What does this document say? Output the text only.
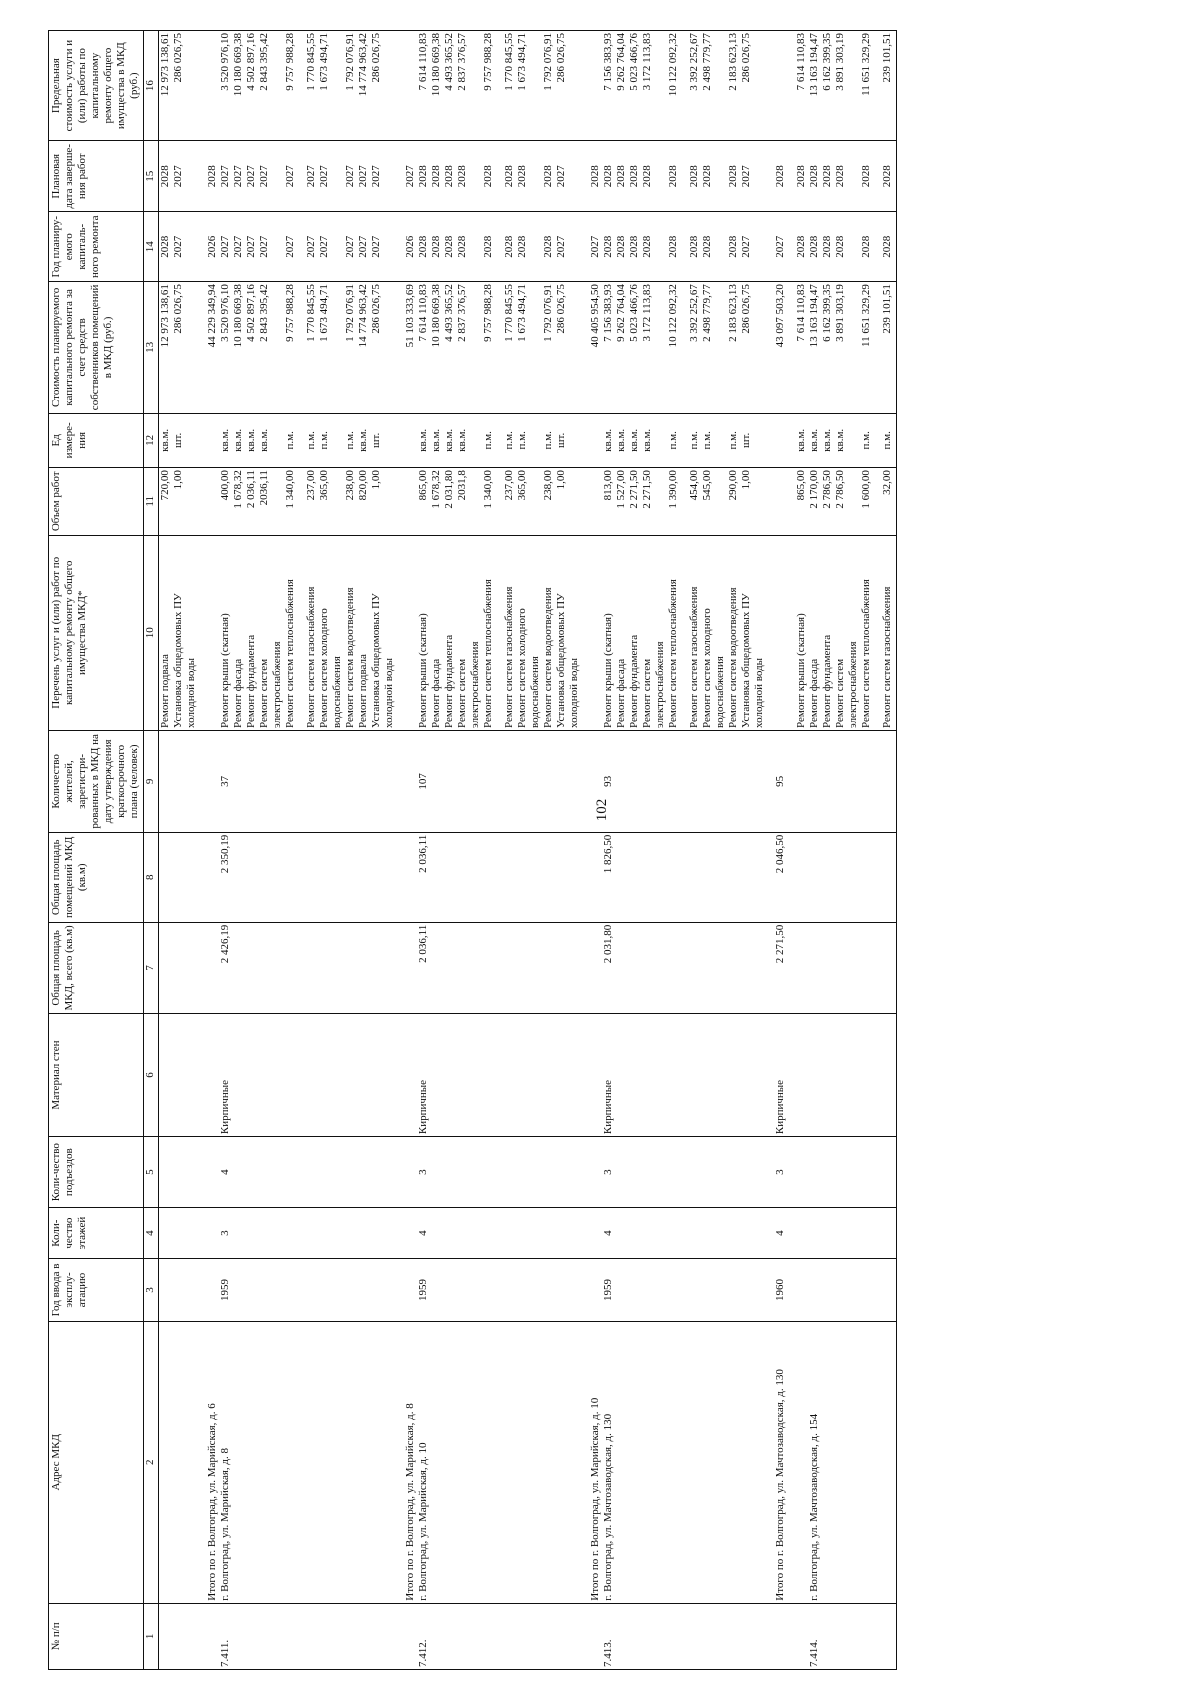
102
№ п/п	Адрес МКД	Год ввода в эксплу-атацию	Коли-чество этажей	Коли-чество подъездов	Материал стен	Общая площадь МКД, всего (кв.м)	Общая площадь помещений МКД (кв.м)	Количество жителей, зарегистри-рованных в МКД на дату утверждения краткосрочного плана (человек)	Перечень услуг и (или) работ по капитальному ремонту общего имущества МКД*	Объем работ	Ед измере-ния	Стоимость планируемого капитального ремонта за счет средств собственников помещений в МКД (руб.)	Год планиру-емого капиталь-ного ремонта	Плановая дата заверше-ния работ	Предельная стоимость услуги и (или) работы по капитальному ремонту общего имущества в МКД (руб.)
1	2	3	4	5	6	7	8	9	10	11	12	13	14	15	16
									Ремонт подвала	720,00	кв.м.	12 973 138,61	2028	2028	12 973 138,61
									Установка общедомовых ПУ	1,00	шт.	286 026,75	2027	2027	286 026,75
									холодной воды						

	Итого по г. Волгоград, ул. Марийская, д. 6											44 229 349,94	2026	2028	
7.411.	г. Волгоград, ул. Марийская, д. 8	1959	3	4	Кирпичные	2 426,19	2 350,19	37	Ремонт крыши (скатная)	400,00	кв.м.	3 520 976,10	2027	2027	3 520 976,10
									Ремонт фасада	1 678,32	кв.м.	10 180 669,38	2027	2027	10 180 669,38
									Ремонт фундамента	2 036,11	кв.м.	4 502 897,16	2027	2027	4 502 897,16
									Ремонт систем	2036,11	кв.м.	2 843 395,42	2027	2027	2 843 395,42
									электроснабжения						
									Ремонт систем теплоснабжения	1 340,00	п.м.	9 757 988,28	2027	2027	9 757 988,28

									Ремонт систем газоснабжения	237,00	п.м.	1 770 845,55	2027	2027	1 770 845,55
									Ремонт систем холодного	365,00	п.м.	1 673 494,71	2027	2027	1 673 494,71
									водоснабжения						
									Ремонт систем водоотведения	238,00	п.м.	1 792 076,91	2027	2027	1 792 076,91
									Ремонт подвала	820,00	кв.м.	14 774 963,42	2027	2027	14 774 963,42
									Установка общедомовых ПУ	1,00	шт.	286 026,75	2027	2027	286 026,75
									холодной воды						

	Итого по г. Волгоград, ул. Марийская, д. 8											51 103 333,69	2026	2027	
7.412.	г. Волгоград, ул. Марийская, д. 10	1959	4	3	Кирпичные	2 036,11	2 036,11	107	Ремонт крыши (скатная)	865,00	кв.м.	7 614 110,83	2028	2028	7 614 110,83
									Ремонт фасада	1 678,32	кв.м.	10 180 669,38	2028	2028	10 180 669,38
									Ремонт фундамента	2 031,80	кв.м.	4 493 365,52	2028	2028	4 493 365,52
									Ремонт систем	2031,8	кв.м.	2 837 376,57	2028	2028	2 837 376,57
									электроснабжения						
									Ремонт систем теплоснабжения	1 340,00	п.м.	9 757 988,28	2028	2028	9 757 988,28

									Ремонт систем газоснабжения	237,00	п.м.	1 770 845,55	2028	2028	1 770 845,55
									Ремонт систем холодного	365,00	п.м.	1 673 494,71	2028	2028	1 673 494,71
									водоснабжения						
									Ремонт систем водоотведения	238,00	п.м.	1 792 076,91	2028	2028	1 792 076,91
									Установка общедомовых ПУ	1,00	шт.	286 026,75	2027	2027	286 026,75
									холодной воды						

	Итого по г. Волгоград, ул. Марийская, д. 10											40 405 954,50	2027	2028	
7.413.	г. Волгоград, ул. Мачтозаводская, д. 130	1959	4	3	Кирпичные	2 031,80	1 826,50	93	Ремонт крыши (скатная)	813,00	кв.м.	7 156 383,93	2028	2028	7 156 383,93
									Ремонт фасада	1 527,00	кв.м.	9 262 764,04	2028	2028	9 262 764,04
									Ремонт фундамента	2 271,50	кв.м.	5 023 466,76	2028	2028	5 023 466,76
									Ремонт систем	2 271,50	кв.м.	3 172 113,83	2028	2028	3 172 113,83
									электроснабжения						
									Ремонт систем теплоснабжения	1 390,00	п.м.	10 122 092,32	2028	2028	10 122 092,32

									Ремонт систем газоснабжения	454,00	п.м.	3 392 252,67	2028	2028	3 392 252,67
									Ремонт систем холодного	545,00	п.м.	2 498 779,77	2028	2028	2 498 779,77
									водоснабжения						
									Ремонт систем водоотведения	290,00	п.м.	2 183 623,13	2028	2028	2 183 623,13
									Установка общедомовых ПУ	1,00	шт.	286 026,75	2027	2027	286 026,75
									холодной воды						

	Итого по г. Волгоград, ул. Мачтозаводская, д. 130	1960	4	3	Кирпичные	2 271,50	2 046,50	95				43 097 503,20	2027	2028	

									Ремонт крыши (скатная)	865,00	кв.м.	7 614 110,83	2028	2028	7 614 110,83
7.414.	г. Волгоград, ул. Мачтозаводская, д. 154								Ремонт фасада	2 170,00	кв.м.	13 163 194,47	2028	2028	13 163 194,47
									Ремонт фундамента	2 786,50	кв.м.	6 162 399,35	2028	2028	6 162 399,35
									Ремонт систем	2 786,50	кв.м.	3 891 303,19	2028	2028	3 891 303,19
									электроснабжения						
									Ремонт систем теплоснабжения	1 600,00	п.м.	11 651 329,29	2028	2028	11 651 329,29

									Ремонт систем газоснабжения	32,00	п.м.	239 101,51	2028	2028	239 101,51
